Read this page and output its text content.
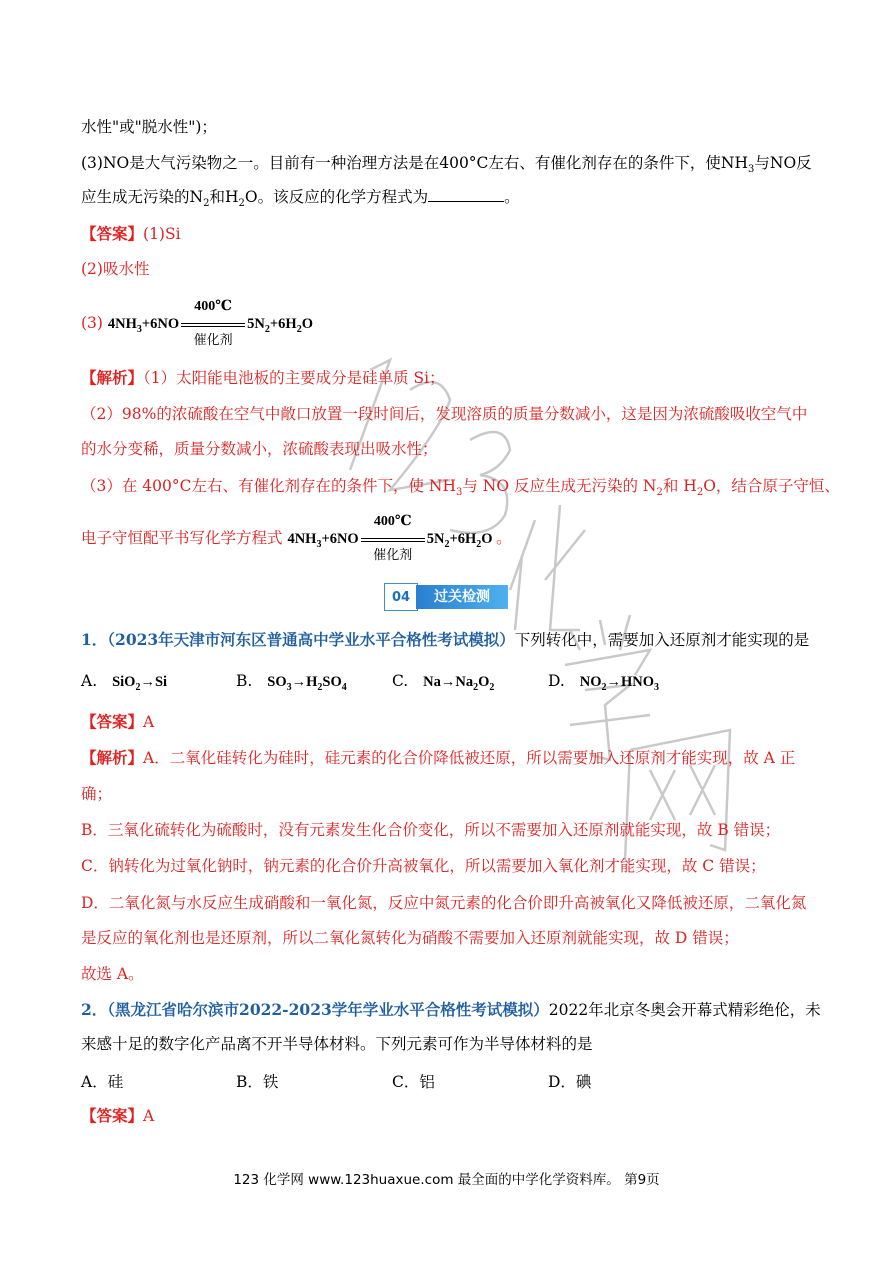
水性"或"脱水性")；
(3)NO是大气污染物之一。目前有一种治理方法是在400°C左右、有催化剂存在的条件下，使$NH_3$与NO反
应生成无污染的$N_2$和$H_2O$。该反应的化学方程式为	。
【答案】(1)Si
(2)吸水性
(3) $4NH_3+6NO$
400℃
催化剂
$5N_2+6H_2O$
【解析】（1）太阳能电池板的主要成分是硅单质 Si；
（2）98%的浓硫酸在空气中敞口放置一段时间后，发现溶质的质量分数减小，这是因为浓硫酸吸收空气中
的水分变稀，质量分数减小，浓硫酸表现出吸水性；
（3）在 400°C左右、有催化剂存在的条件下，使 $NH_3$与 NO 反应生成无污染的 $N_2$和 $H_2O$，结合原子守恒、
电子守恒配平书写化学方程式 $4NH_3+6NO$
400℃
催化剂
$5N_2+6H_2O$ 。
04	过关检测
1．（2023年天津市河东区普通高中学业水平合格性考试模拟）下列转化中，需要加入还原剂才能实现的是
A. SiO$_2$→Si	B. $SO_3\to H_2SO_4$	C. $Na\to Na_2O_2$	D. $NO_2\to HNO_3$
【答案】A
【解析】A．二氧化硅转化为硅时，硅元素的化合价降低被还原，所以需要加入还原剂才能实现，故 A 正
确；
B．三氧化硫转化为硫酸时，没有元素发生化合价变化，所以不需要加入还原剂就能实现，故 B 错误；
C．钠转化为过氧化钠时，钠元素的化合价升高被氧化，所以需要加入氧化剂才能实现，故 C 错误；
D．二氧化氮与水反应生成硝酸和一氧化氮，反应中氮元素的化合价即升高被氧化又降低被还原，二氧化氮
是反应的氧化剂也是还原剂，所以二氧化氮转化为硝酸不需要加入还原剂就能实现，故 D 错误；
故选 A。
2．（黑龙江省哈尔滨市2022-2023学年学业水平合格性考试模拟）2022年北京冬奥会开幕式精彩绝伦，未
来感十足的数字化产品离不开半导体材料。下列元素可作为半导体材料的是
A．硅	B．铁	C．铝	D．碘
【答案】A
123 化学网 www.123huaxue.com 最全面的中学化学资料库。 第9页
